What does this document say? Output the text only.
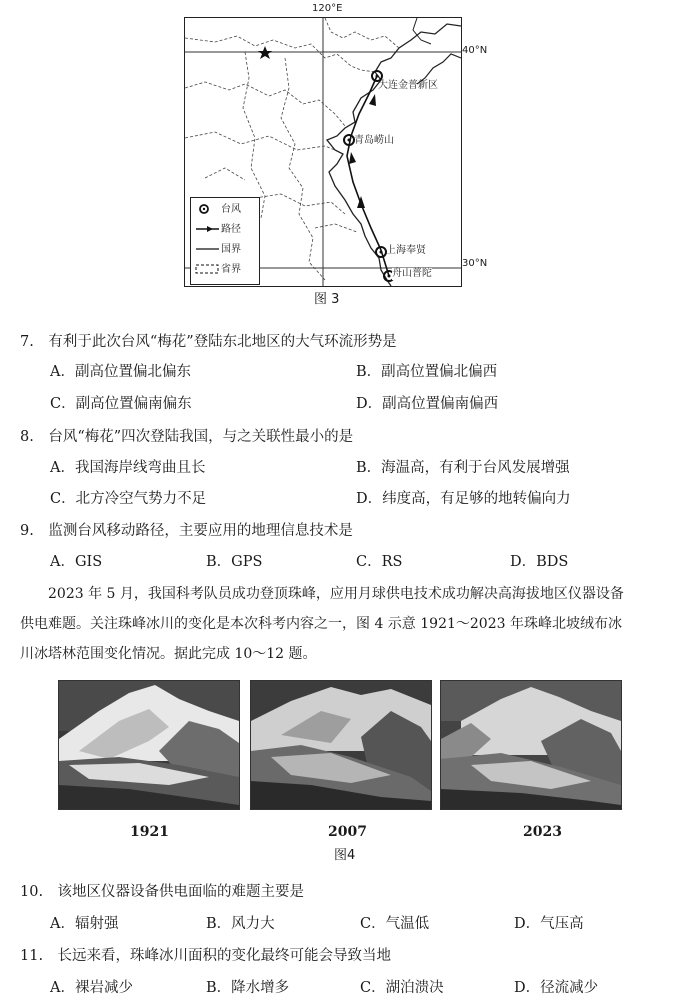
120°E
40°N
30°N
大连金普新区
青岛崂山
上海奉贤
舟山普陀
台风
路径
国界
省界
图 3
7.　有利于此次台风“梅花”登陆东北地区的大气环流形势是
A．副高位置偏北偏东	B．副高位置偏北偏西
C．副高位置偏南偏东	D．副高位置偏南偏西
8.　台风“梅花”四次登陆我国，与之关联性最小的是
A．我国海岸线弯曲且长	B．海温高，有利于台风发展增强
C．北方冷空气势力不足	D．纬度高，有足够的地转偏向力
9.　监测台风移动路径，主要应用的地理信息技术是
A．GIS	B．GPS	C．RS	D．BDS
2023 年 5 月，我国科考队员成功登顶珠峰，应用月球供电技术成功解决高海拔地区仪器设备
供电难题。关注珠峰冰川的变化是本次科考内容之一，图 4 示意 1921～2023 年珠峰北坡绒布冰
川冰塔林范围变化情况。据此完成 10～12 题。
1921	2007	2023
图4
10.　该地区仪器设备供电面临的难题主要是
A．辐射强	B．风力大	C．气温低	D．气压高
11.　长远来看，珠峰冰川面积的变化最终可能会导致当地
A．裸岩减少	B．降水增多	C．湖泊溃决	D．径流减少
